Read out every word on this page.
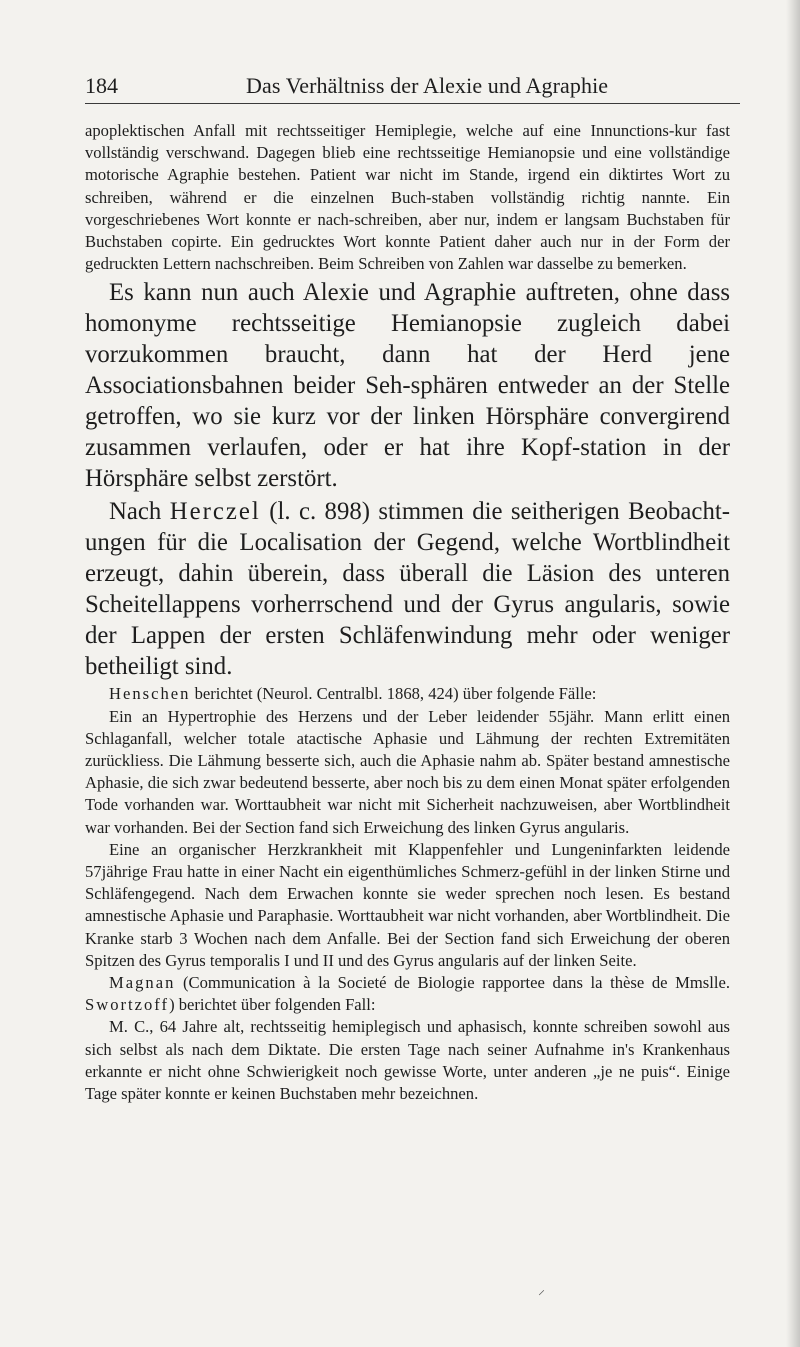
184	Das Verhältniss der Alexie und Agraphie

apoplektischen Anfall mit rechtsseitiger Hemiplegie, welche auf eine Innunctions-kur fast vollständig verschwand. Dagegen blieb eine rechtsseitige Hemianopsie und eine vollständige motorische Agraphie bestehen. Patient war nicht im Stande, irgend ein diktirtes Wort zu schreiben, während er die einzelnen Buch-staben vollständig richtig nannte. Ein vorgeschriebenes Wort konnte er nach-schreiben, aber nur, indem er langsam Buchstaben für Buchstaben copirte. Ein gedrucktes Wort konnte Patient daher auch nur in der Form der gedruckten Lettern nachschreiben. Beim Schreiben von Zahlen war dasselbe zu bemerken.

Es kann nun auch Alexie und Agraphie auftreten, ohne dass homonyme rechtsseitige Hemianopsie zugleich dabei vorzukommen braucht, dann hat der Herd jene Associationsbahnen beider Seh-sphären entweder an der Stelle getroffen, wo sie kurz vor der linken Hörsphäre convergirend zusammen verlaufen, oder er hat ihre Kopf-station in der Hörsphäre selbst zerstört.

Nach Herczel (l. c. 898) stimmen die seitherigen Beobacht-ungen für die Localisation der Gegend, welche Wortblindheit erzeugt, dahin überein, dass überall die Läsion des unteren Scheitellappens vorherrschend und der Gyrus angularis, sowie der Lappen der ersten Schläfenwindung mehr oder weniger betheiligt sind.

Henschen berichtet (Neurol. Centralbl. 1868, 424) über folgende Fälle:

Ein an Hypertrophie des Herzens und der Leber leidender 55jähr. Mann erlitt einen Schlaganfall, welcher totale atactische Aphasie und Lähmung der rechten Extremitäten zurückliess. Die Lähmung besserte sich, auch die Aphasie nahm ab. Später bestand amnestische Aphasie, die sich zwar bedeutend besserte, aber noch bis zu dem einen Monat später erfolgenden Tode vorhanden war. Worttaubheit war nicht mit Sicherheit nachzuweisen, aber Wortblindheit war vorhanden. Bei der Section fand sich Erweichung des linken Gyrus angularis.

Eine an organischer Herzkrankheit mit Klappenfehler und Lungeninfarkten leidende 57jährige Frau hatte in einer Nacht ein eigenthümliches Schmerz-gefühl in der linken Stirne und Schläfengegend. Nach dem Erwachen konnte sie weder sprechen noch lesen. Es bestand amnestische Aphasie und Paraphasie. Worttaubheit war nicht vorhanden, aber Wortblindheit. Die Kranke starb 3 Wochen nach dem Anfalle. Bei der Section fand sich Erweichung der oberen Spitzen des Gyrus temporalis I und II und des Gyrus angularis auf der linken Seite.

Magnan (Communication à la Societé de Biologie rapportee dans la thèse de Mmslle. Swortzoff) berichtet über folgenden Fall:

M. C., 64 Jahre alt, rechtsseitig hemiplegisch und aphasisch, konnte schreiben sowohl aus sich selbst als nach dem Diktate. Die ersten Tage nach seiner Aufnahme in's Krankenhaus erkannte er nicht ohne Schwierigkeit noch gewisse Worte, unter anderen „je ne puis“. Einige Tage später konnte er keinen Buchstaben mehr bezeichnen.

⸍
